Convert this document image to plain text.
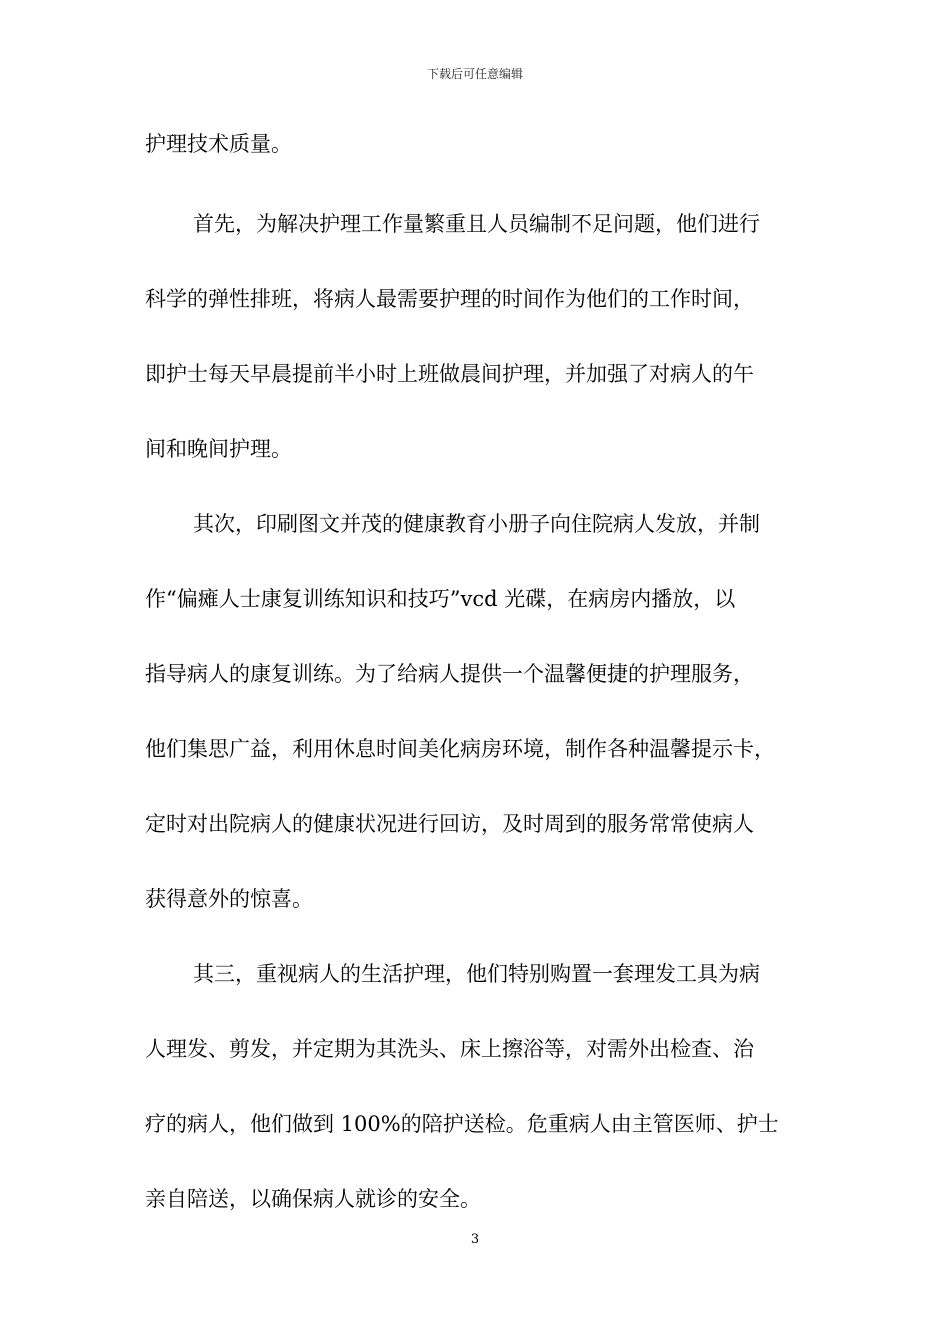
下载后可任意编辑
护理技术质量。
首先，为解决护理工作量繁重且人员编制不足问题，他们进行
科学的弹性排班，将病人最需要护理的时间作为他们的工作时间，
即护士每天早晨提前半小时上班做晨间护理，并加强了对病人的午
间和晚间护理。
其次，印刷图文并茂的健康教育小册子向住院病人发放，并制
作“偏瘫人士康复训练知识和技巧”vcd 光碟，在病房内播放，以
指导病人的康复训练。为了给病人提供一个温馨便捷的护理服务，
他们集思广益，利用休息时间美化病房环境，制作各种温馨提示卡，
定时对出院病人的健康状况进行回访，及时周到的服务常常使病人
获得意外的惊喜。
其三，重视病人的生活护理，他们特别购置一套理发工具为病
人理发、剪发，并定期为其洗头、床上擦浴等，对需外出检查、治
疗的病人，他们做到 100%的陪护送检。危重病人由主管医师、护士
亲自陪送，以确保病人就诊的安全。
3
